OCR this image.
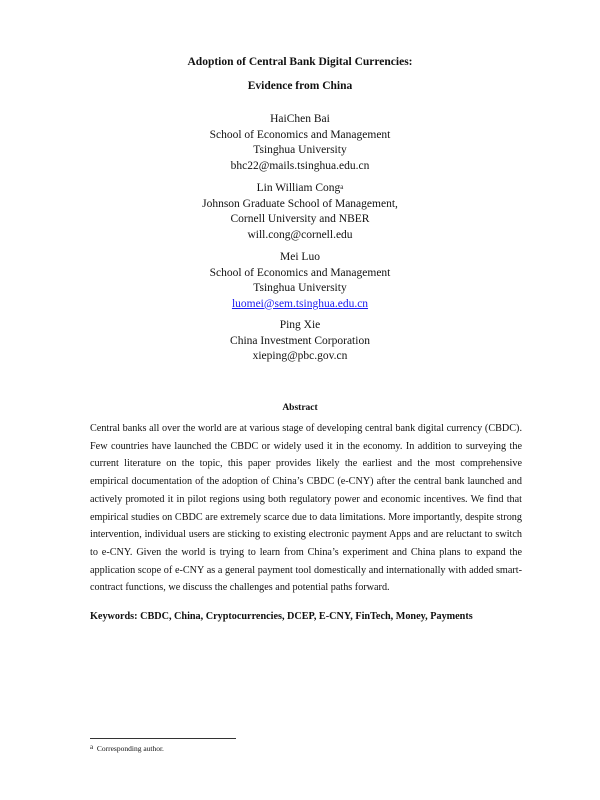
Adoption of Central Bank Digital Currencies:
Evidence from China
HaiChen Bai
School of Economics and Management
Tsinghua University
bhc22@mails.tsinghua.edu.cn
Lin William Cong$^a$
Johnson Graduate School of Management,
Cornell University and NBER
will.cong@cornell.edu
Mei Luo
School of Economics and Management
Tsinghua University
luomei@sem.tsinghua.edu.cn
Ping Xie
China Investment Corporation
xieping@pbc.gov.cn
Abstract
Central banks all over the world are at various stage of developing central bank digital currency (CBDC). Few countries have launched the CBDC or widely used it in the economy. In addition to surveying the current literature on the topic, this paper provides likely the earliest and the most comprehensive empirical documentation of the adoption of China’s CBDC (e-CNY) after the central bank launched and actively promoted it in pilot regions using both regulatory power and economic incentives. We find that empirical studies on CBDC are extremely scarce due to data limitations. More importantly, despite strong intervention, individual users are sticking to existing electronic payment Apps and are reluctant to switch to e-CNY. Given the world is trying to learn from China’s experiment and China plans to expand the application scope of e-CNY as a general payment tool domestically and internationally with added smart-contract functions, we discuss the challenges and potential paths forward.
Keywords: CBDC, China, Cryptocurrencies, DCEP, E-CNY, FinTech, Money, Payments
$^a$ Corresponding author.
